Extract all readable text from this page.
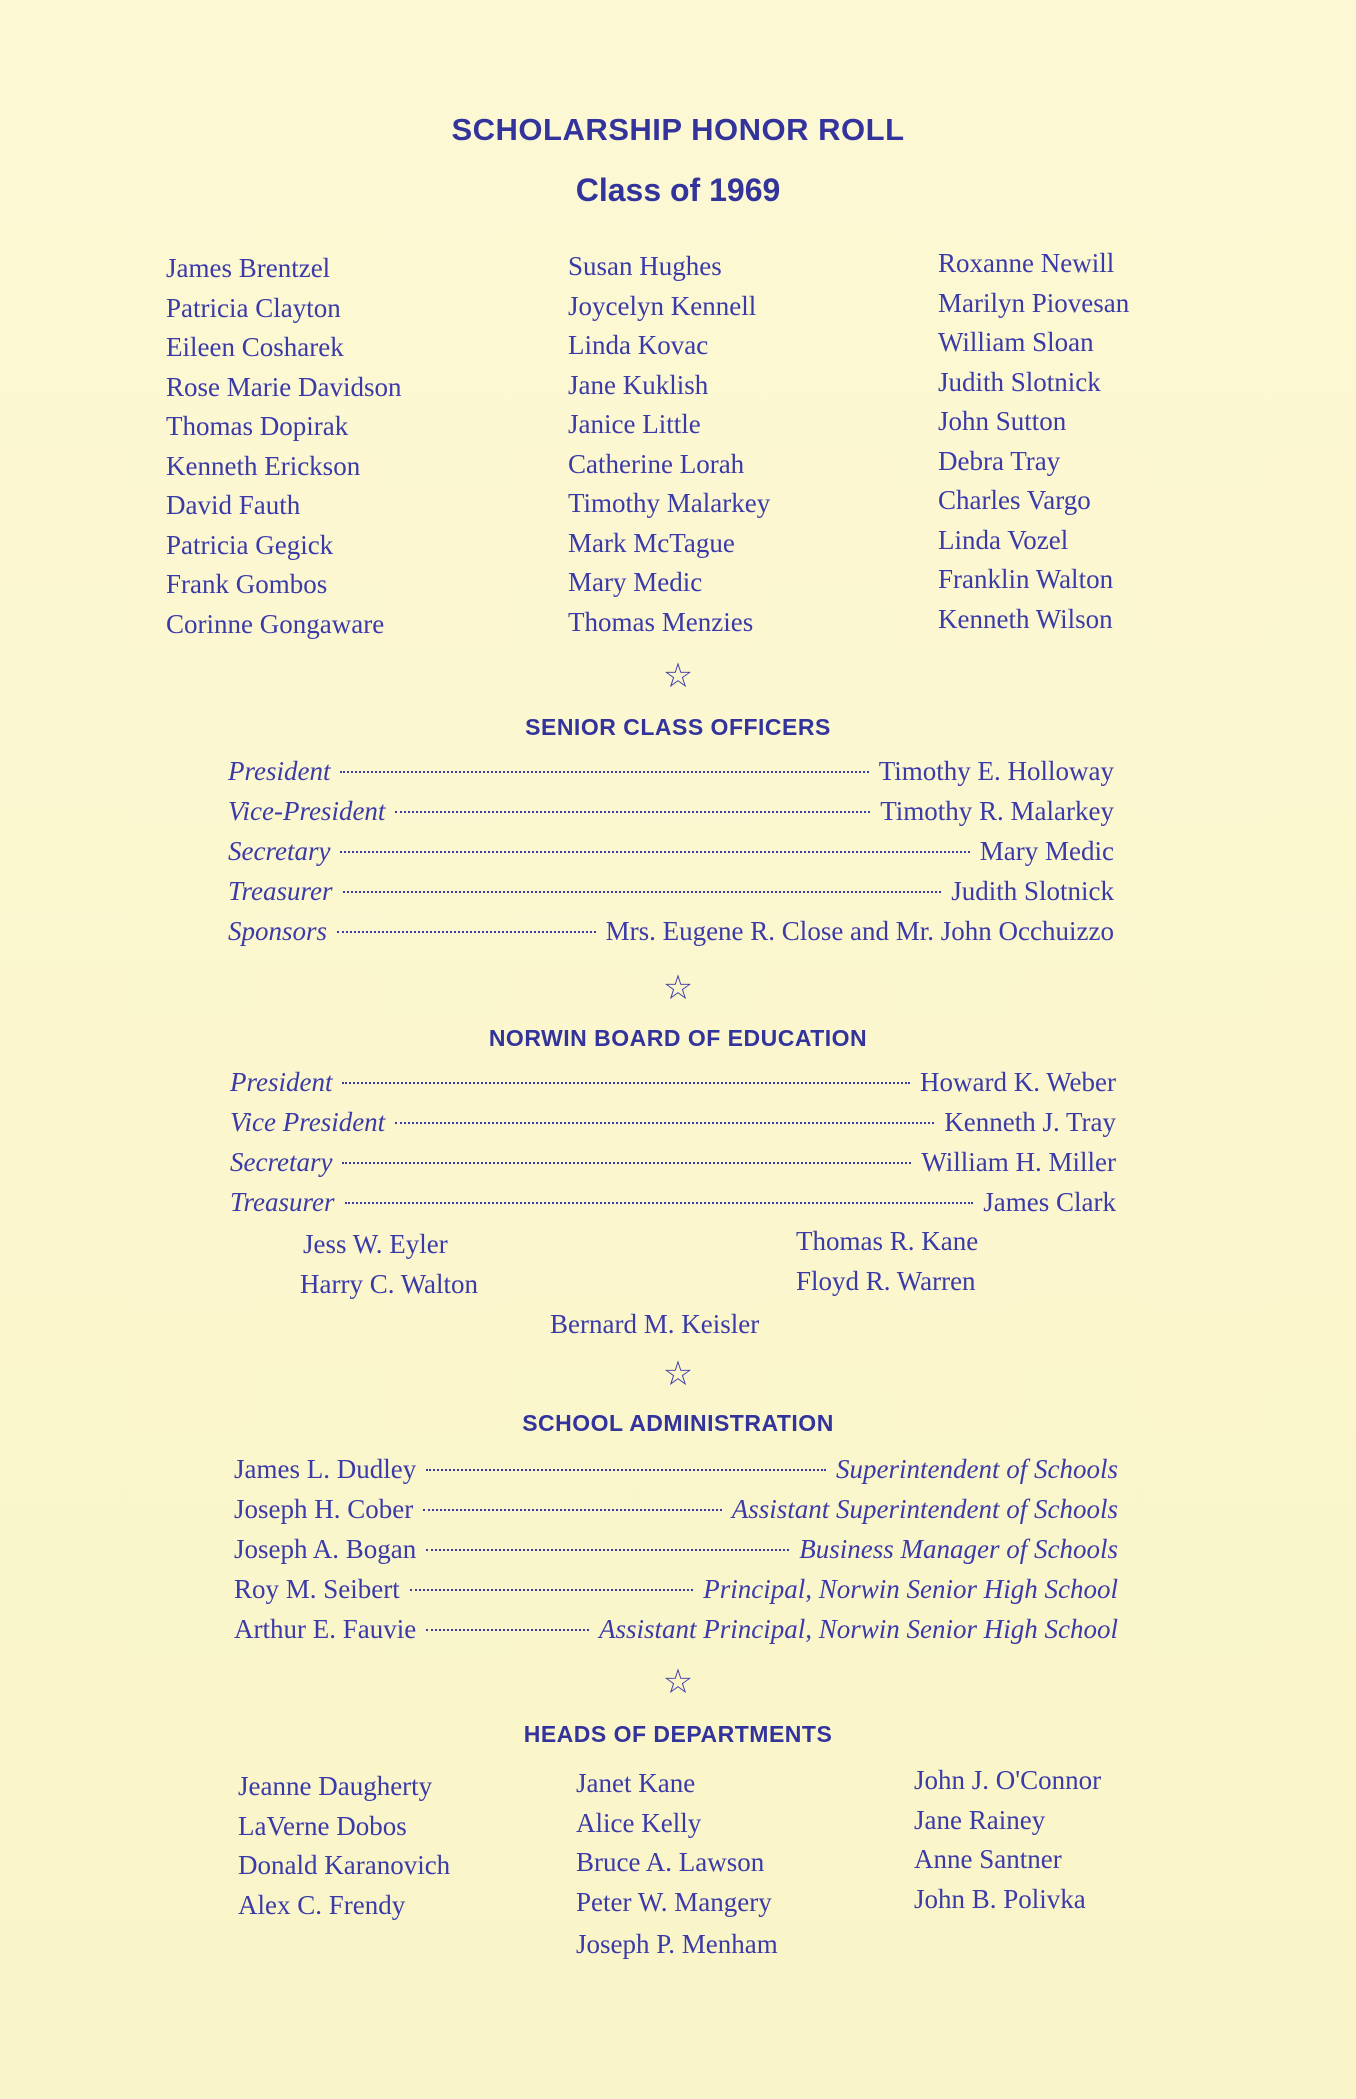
SCHOLARSHIP HONOR ROLL
Class of 1969
James Brentzel
Patricia Clayton
Eileen Cosharek
Rose Marie Davidson
Thomas Dopirak
Kenneth Erickson
David Fauth
Patricia Gegick
Frank Gombos
Corinne Gongaware
Susan Hughes
Joycelyn Kennell
Linda Kovac
Jane Kuklish
Janice Little
Catherine Lorah
Timothy Malarkey
Mark McTague
Mary Medic
Thomas Menzies
Roxanne Newill
Marilyn Piovesan
William Sloan
Judith Slotnick
John Sutton
Debra Tray
Charles Vargo
Linda Vozel
Franklin Walton
Kenneth Wilson
☆
SENIOR CLASS OFFICERS
President	Timothy E. Holloway
Vice-President	Timothy R. Malarkey
Secretary	Mary Medic
Treasurer	Judith Slotnick
Sponsors	Mrs. Eugene R. Close and Mr. John Occhuizzo
☆
NORWIN BOARD OF EDUCATION
President	Howard K. Weber
Vice President	Kenneth J. Tray
Secretary	William H. Miller
Treasurer	James Clark
Jess W. Eyler
Harry C. Walton
Thomas R. Kane
Floyd R. Warren
Bernard M. Keisler
☆
SCHOOL ADMINISTRATION
James L. Dudley	Superintendent of Schools
Joseph H. Cober	Assistant Superintendent of Schools
Joseph A. Bogan	Business Manager of Schools
Roy M. Seibert	Principal, Norwin Senior High School
Arthur E. Fauvie	Assistant Principal, Norwin Senior High School
☆
HEADS OF DEPARTMENTS
Jeanne Daugherty
LaVerne Dobos
Donald Karanovich
Alex C. Frendy
Janet Kane
Alice Kelly
Bruce A. Lawson
Peter W. Mangery
John J. O'Connor
Jane Rainey
Anne Santner
John B. Polivka
Joseph P. Menham
